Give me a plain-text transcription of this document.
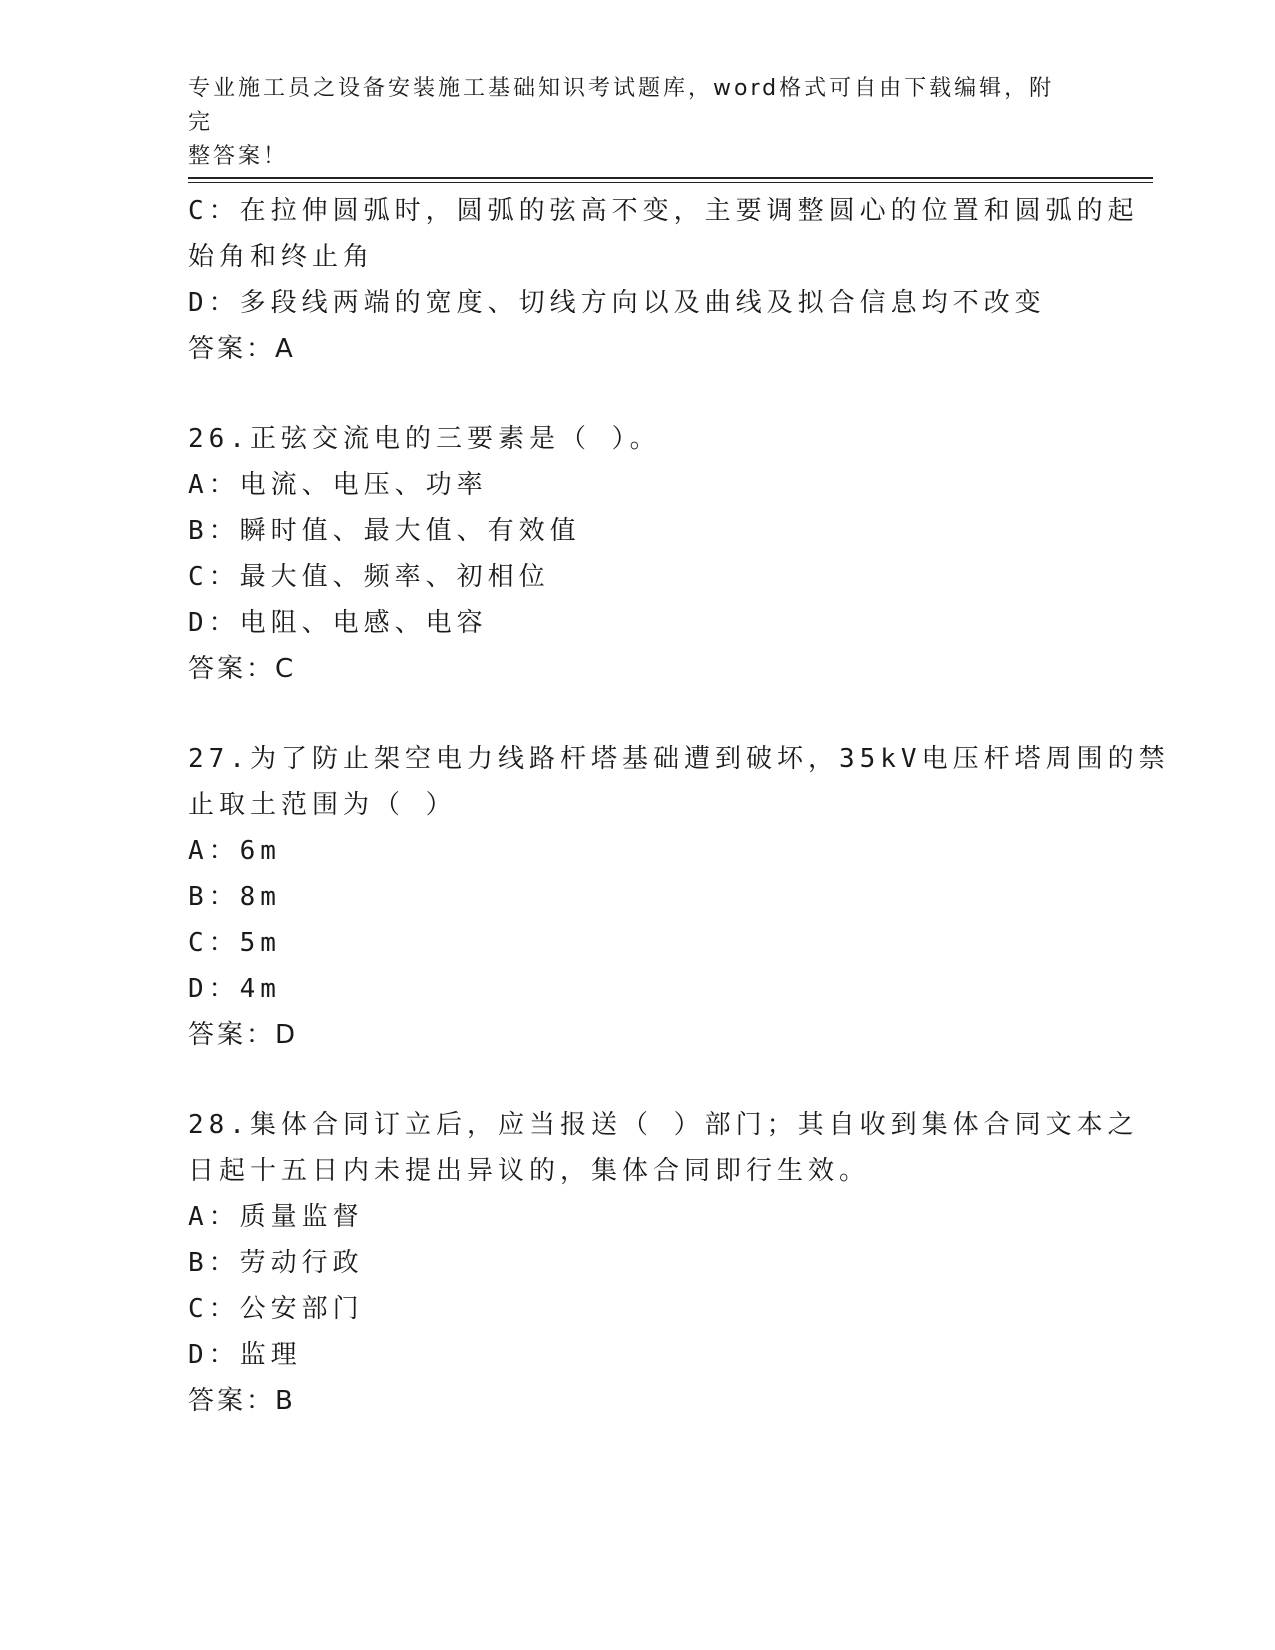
专业施工员之设备安装施工基础知识考试题库，word格式可自由下载编辑，附完
整答案！
C：在拉伸圆弧时，圆弧的弦高不变，主要调整圆心的位置和圆弧的起
始角和终止角
D：多段线两端的宽度、切线方向以及曲线及拟合信息均不改变
答案：A
26.正弦交流电的三要素是（ ）。
A：电流、电压、功率
B：瞬时值、最大值、有效值
C：最大值、频率、初相位
D：电阻、电感、电容
答案：C
27.为了防止架空电力线路杆塔基础遭到破坏，35kV电压杆塔周围的禁
止取土范围为（ ）
A：6m
B：8m
C：5m
D：4m
答案：D
28.集体合同订立后，应当报送（ ）部门；其自收到集体合同文本之
日起十五日内未提出异议的，集体合同即行生效。
A：质量监督
B：劳动行政
C：公安部门
D：监理
答案：B
